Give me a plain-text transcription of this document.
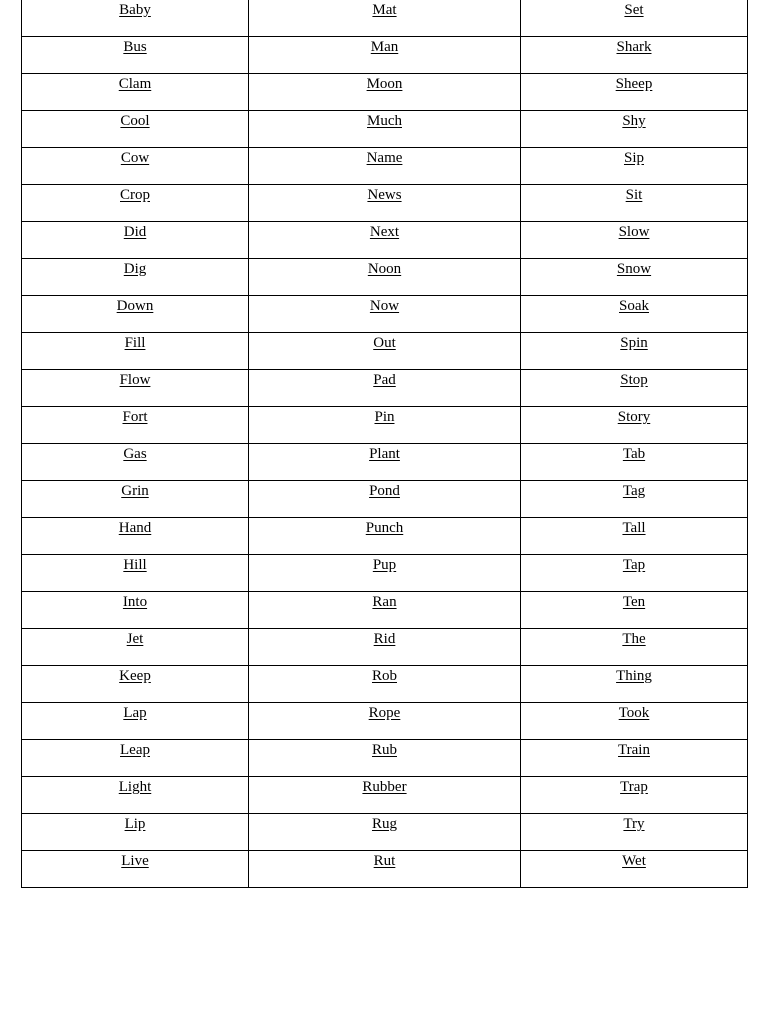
Baby	Mat	Set
Bus	Man	Shark
Clam	Moon	Sheep
Cool	Much	Shy
Cow	Name	Sip
Crop	News	Sit
Did	Next	Slow
Dig	Noon	Snow
Down	Now	Soak
Fill	Out	Spin
Flow	Pad	Stop
Fort	Pin	Story
Gas	Plant	Tab
Grin	Pond	Tag
Hand	Punch	Tall
Hill	Pup	Tap
Into	Ran	Ten
Jet	Rid	The
Keep	Rob	Thing
Lap	Rope	Took
Leap	Rub	Train
Light	Rubber	Trap
Lip	Rug	Try
Live	Rut	Wet
